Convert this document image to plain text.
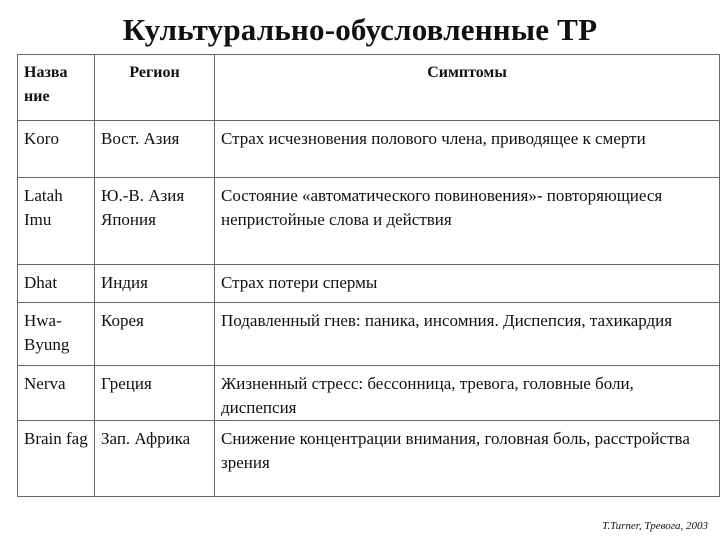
Культурально-обусловленные ТР
Назва ние	Регион	Симптомы

Koro	Вост. Азия	Страх исчезновения полового члена, приводящее к смерти

Latah Imu	Ю.-В. Азия Япония	Состояние «автоматического повиновения»- повторяющиеся непристойные слова и действия

Dhat	Индия	Страх потери спермы

Hwa- Byung	Корея	Подавленный гнев: паника, инсомния. Диспепсия, тахикардия

Nerva	Греция	Жизненный стресс: бессонница, тревога, головные боли, диспепсия

Brain fag	Зап. Африка	Снижение концентрации внимания, головная боль, расстройства зрения
T.Turner, Тревога, 2003
